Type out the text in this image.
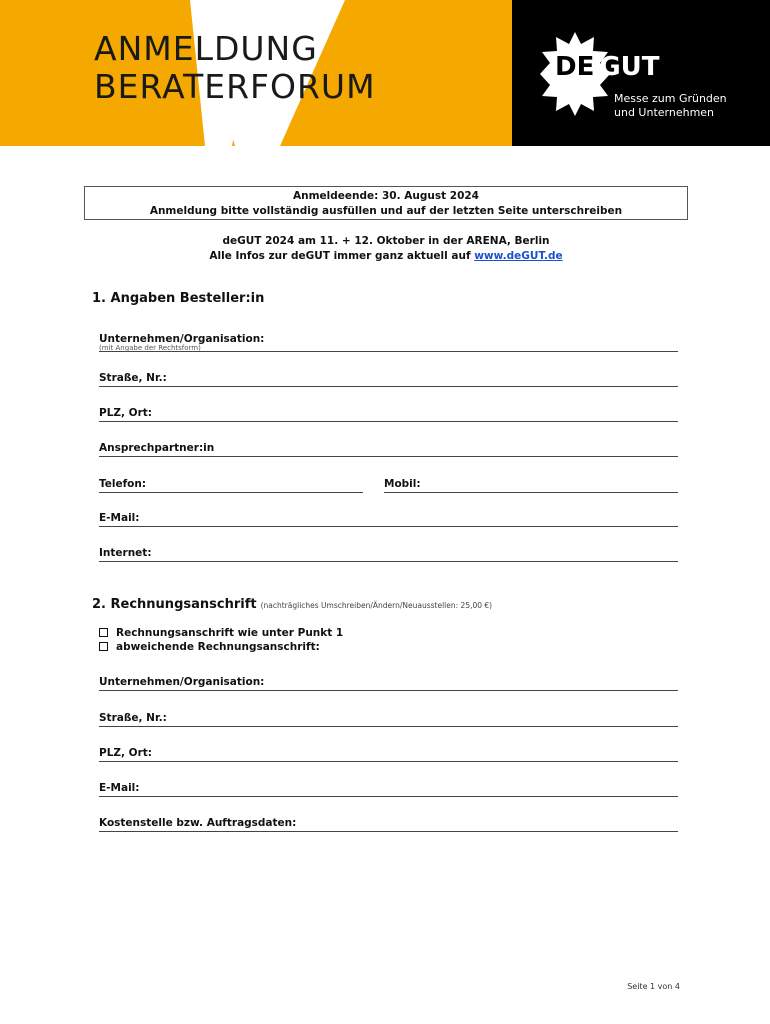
ANMELDUNG
BERATERFORUM	DE GUT
Messe zum Gründen
und Unternehmen
Anmeldeende: 30. August 2024
Anmeldung bitte vollständig ausfüllen und auf der letzten Seite unterschreiben
deGUT 2024 am 11. + 12. Oktober in der ARENA, Berlin
Alle Infos zur deGUT immer ganz aktuell auf www.deGUT.de
1. Angaben Besteller:in
Unternehmen/Organisation:
(mit Angabe der Rechtsform)
Straße, Nr.:
PLZ, Ort:
Ansprechpartner:in
Telefon:	Mobil:
E-Mail:
Internet:
2. Rechnungsanschrift (nachträgliches Umschreiben/Ändern/Neuausstellen: 25,00 €)
Rechnungsanschrift wie unter Punkt 1
abweichende Rechnungsanschrift:
Unternehmen/Organisation:
Straße, Nr.:
PLZ, Ort:
E-Mail:
Kostenstelle bzw. Auftragsdaten:
Seite 1 von 4
